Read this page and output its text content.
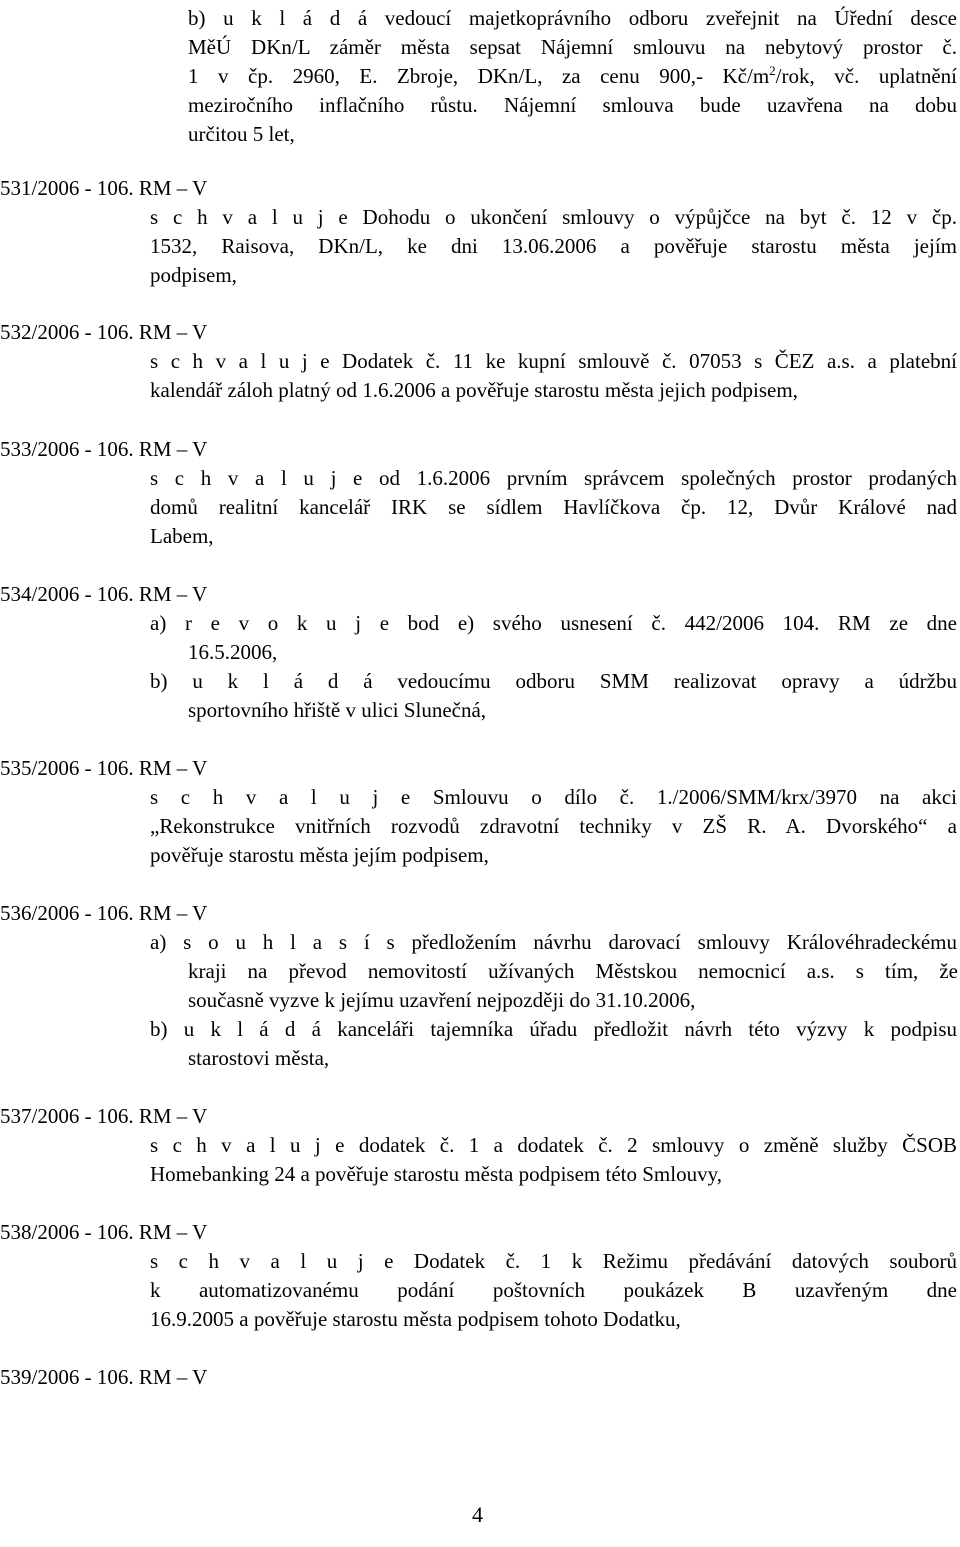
b) u k l á d á vedoucí majetkoprávního odboru zveřejnit na Úřední desce
MěÚ DKn/L záměr města sepsat Nájemní smlouvu na nebytový prostor č.
1 v čp. 2960, E. Zbroje, DKn/L, za cenu 900,- $Kč/m^2$/rok, vč. uplatnění
meziročního inflačního růstu. Nájemní smlouva bude uzavřena na dobu
určitou 5 let,
531/2006 - 106. RM – V
s c h v a l u j e Dohodu o ukončení smlouvy o výpůjčce na byt č. 12 v čp.
1532, Raisova, DKn/L, ke dni 13.06.2006 a pověřuje starostu města jejím
podpisem,
532/2006 - 106. RM – V
s c h v a l u j e Dodatek č. 11 ke kupní smlouvě č. 07053 s ČEZ a.s. a platební
kalendář záloh platný od 1.6.2006 a pověřuje starostu města jejich podpisem,
533/2006 - 106. RM – V
s c h v a l u j e od 1.6.2006 prvním správcem společných prostor prodaných
domů realitní kancelář IRK se sídlem Havlíčkova čp. 12, Dvůr Králové nad
Labem,
534/2006 - 106. RM – V
a) r e v o k u j e bod e) svého usnesení č. 442/2006 104. RM ze dne
16.5.2006,
b) u k l á d á vedoucímu odboru SMM realizovat opravy a údržbu
sportovního hřiště v ulici Slunečná,
535/2006 - 106. RM – V
s c h v a l u j e Smlouvu o dílo č. 1./2006/SMM/krx/3970 na akci
„Rekonstrukce vnitřních rozvodů zdravotní techniky v ZŠ R. A. Dvorského“ a
pověřuje starostu města jejím podpisem,
536/2006 - 106. RM – V
a) s o u h l a s í s předložením návrhu darovací smlouvy Královéhradeckému
kraji na převod nemovitostí užívaných Městskou nemocnicí a.s. s tím, že
současně vyzve k jejímu uzavření nejpozději do 31.10.2006,
b) u k l á d á kanceláři tajemníka úřadu předložit návrh této výzvy k podpisu
starostovi města,
537/2006 - 106. RM – V
s c h v a l u j e dodatek č. 1 a dodatek č. 2 smlouvy o změně služby ČSOB
Homebanking 24 a pověřuje starostu města podpisem této Smlouvy,
538/2006 - 106. RM – V
s c h v a l u j e Dodatek č. 1 k Režimu předávání datových souborů
k automatizovanému podání poštovních poukázek B uzavřeným dne
16.9.2005 a pověřuje starostu města podpisem tohoto Dodatku,
539/2006 - 106. RM – V
4
